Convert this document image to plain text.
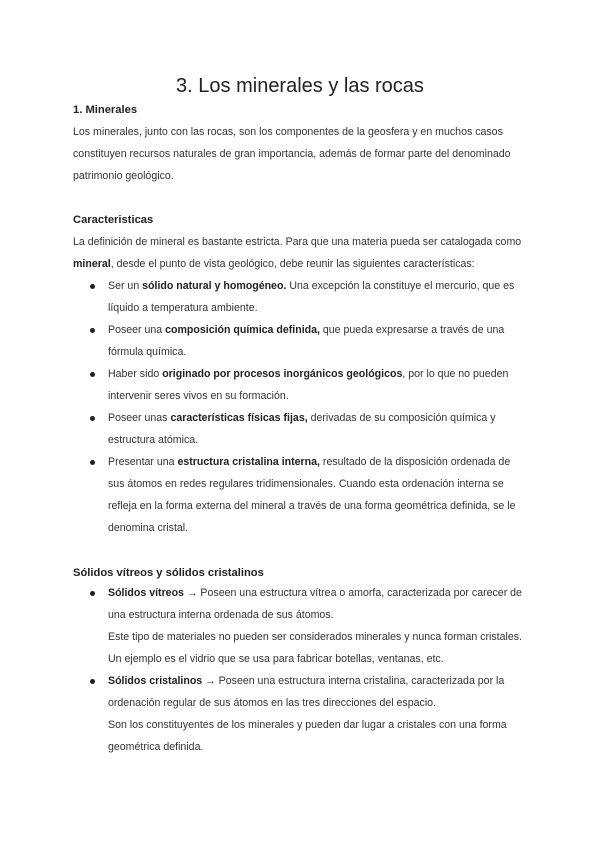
3. Los minerales y las rocas
1. Minerales

Los minerales, junto con las rocas, son los componentes de la geosfera y en muchos casos
constituyen recursos naturales de gran importancia, además de formar parte del denominado
patrimonio geológico.

Caracteristicas

La definición de mineral es bastante estricta. Para que una materia pueda ser catalogada como
mineral, desde el punto de vista geológico, debe reunir las siguientes características:

Ser un sólido natural y homogéneo. Una excepción la constituye el mercurio, que es
líquido a temperatura ambiente.
Poseer una composición química definida, que pueda expresarse a través de una
fórmula química.
Haber sido originado por procesos inorgánicos geológicos, por lo que no pueden
intervenir seres vivos en su formación.
Poseer unas características físicas fijas, derivadas de su composición química y
estructura atómica.
Presentar una estructura cristalina interna, resultado de la disposición ordenada de
sus átomos en redes regulares tridimensionales. Cuando esta ordenación interna se
refleja en la forma externa del mineral a través de una forma geométrica definida, se le
denomina cristal.
Sólidos vítreos y sólidos cristalinos
Sólidos vítreos → Poseen una estructura vítrea o amorfa, caracterizada por carecer de
una estructura interna ordenada de sus átomos.
Este tipo de materiales no pueden ser considerados minerales y nunca forman cristales.
Un ejemplo es el vidrio que se usa para fabricar botellas, ventanas, etc.
Sólidos cristalinos → Poseen una estructura interna cristalina, caracterizada por la
ordenación regular de sus átomos en las tres direcciones del espacio.
Son los constituyentes de los minerales y pueden dar lugar a cristales con una forma
geométrica definida.
